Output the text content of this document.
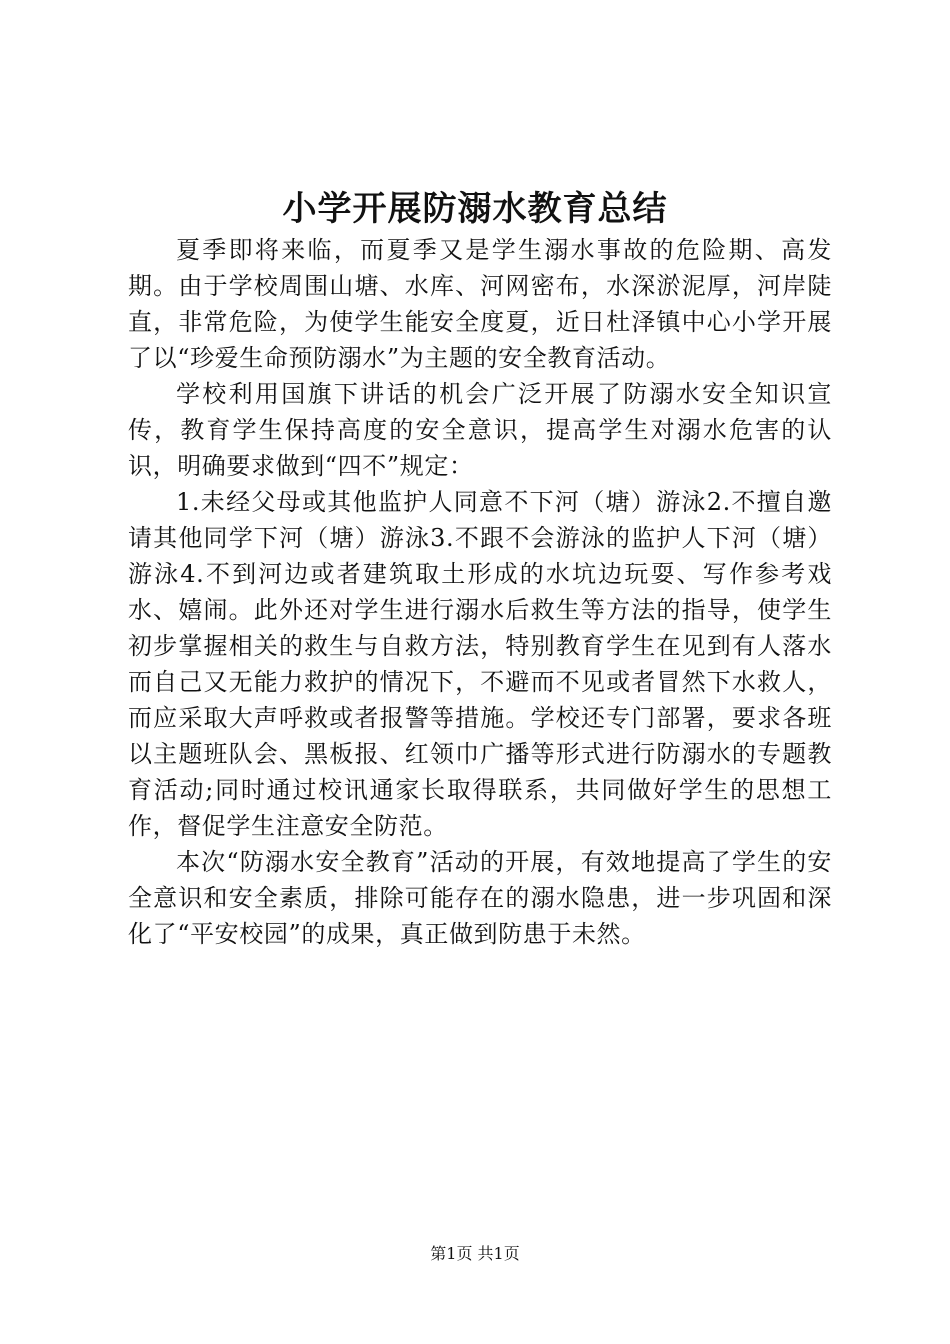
小学开展防溺水教育总结

夏季即将来临，而夏季又是学生溺水事故的危险期、高发期。由于学校周围山塘、水库、河网密布，水深淤泥厚，河岸陡直，非常危险，为使学生能安全度夏，近日杜泽镇中心小学开展了以“珍爱生命预防溺水”为主题的安全教育活动。

学校利用国旗下讲话的机会广泛开展了防溺水安全知识宣传，教育学生保持高度的安全意识，提高学生对溺水危害的认识，明确要求做到“四不”规定：

1.未经父母或其他监护人同意不下河（塘）游泳2.不擅自邀请其他同学下河（塘）游泳3.不跟不会游泳的监护人下河（塘）游泳4.不到河边或者建筑取土形成的水坑边玩耍、写作参考戏水、嬉闹。此外还对学生进行溺水后救生等方法的指导，使学生初步掌握相关的救生与自救方法，特别教育学生在见到有人落水而自己又无能力救护的情况下，不避而不见或者冒然下水救人，而应采取大声呼救或者报警等措施。学校还专门部署，要求各班以主题班队会、黑板报、红领巾广播等形式进行防溺水的专题教育活动;同时通过校讯通家长取得联系，共同做好学生的思想工作，督促学生注意安全防范。

本次“防溺水安全教育”活动的开展，有效地提高了学生的安全意识和安全素质，排除可能存在的溺水隐患，进一步巩固和深化了“平安校园”的成果，真正做到防患于未然。

第1页 共1页
